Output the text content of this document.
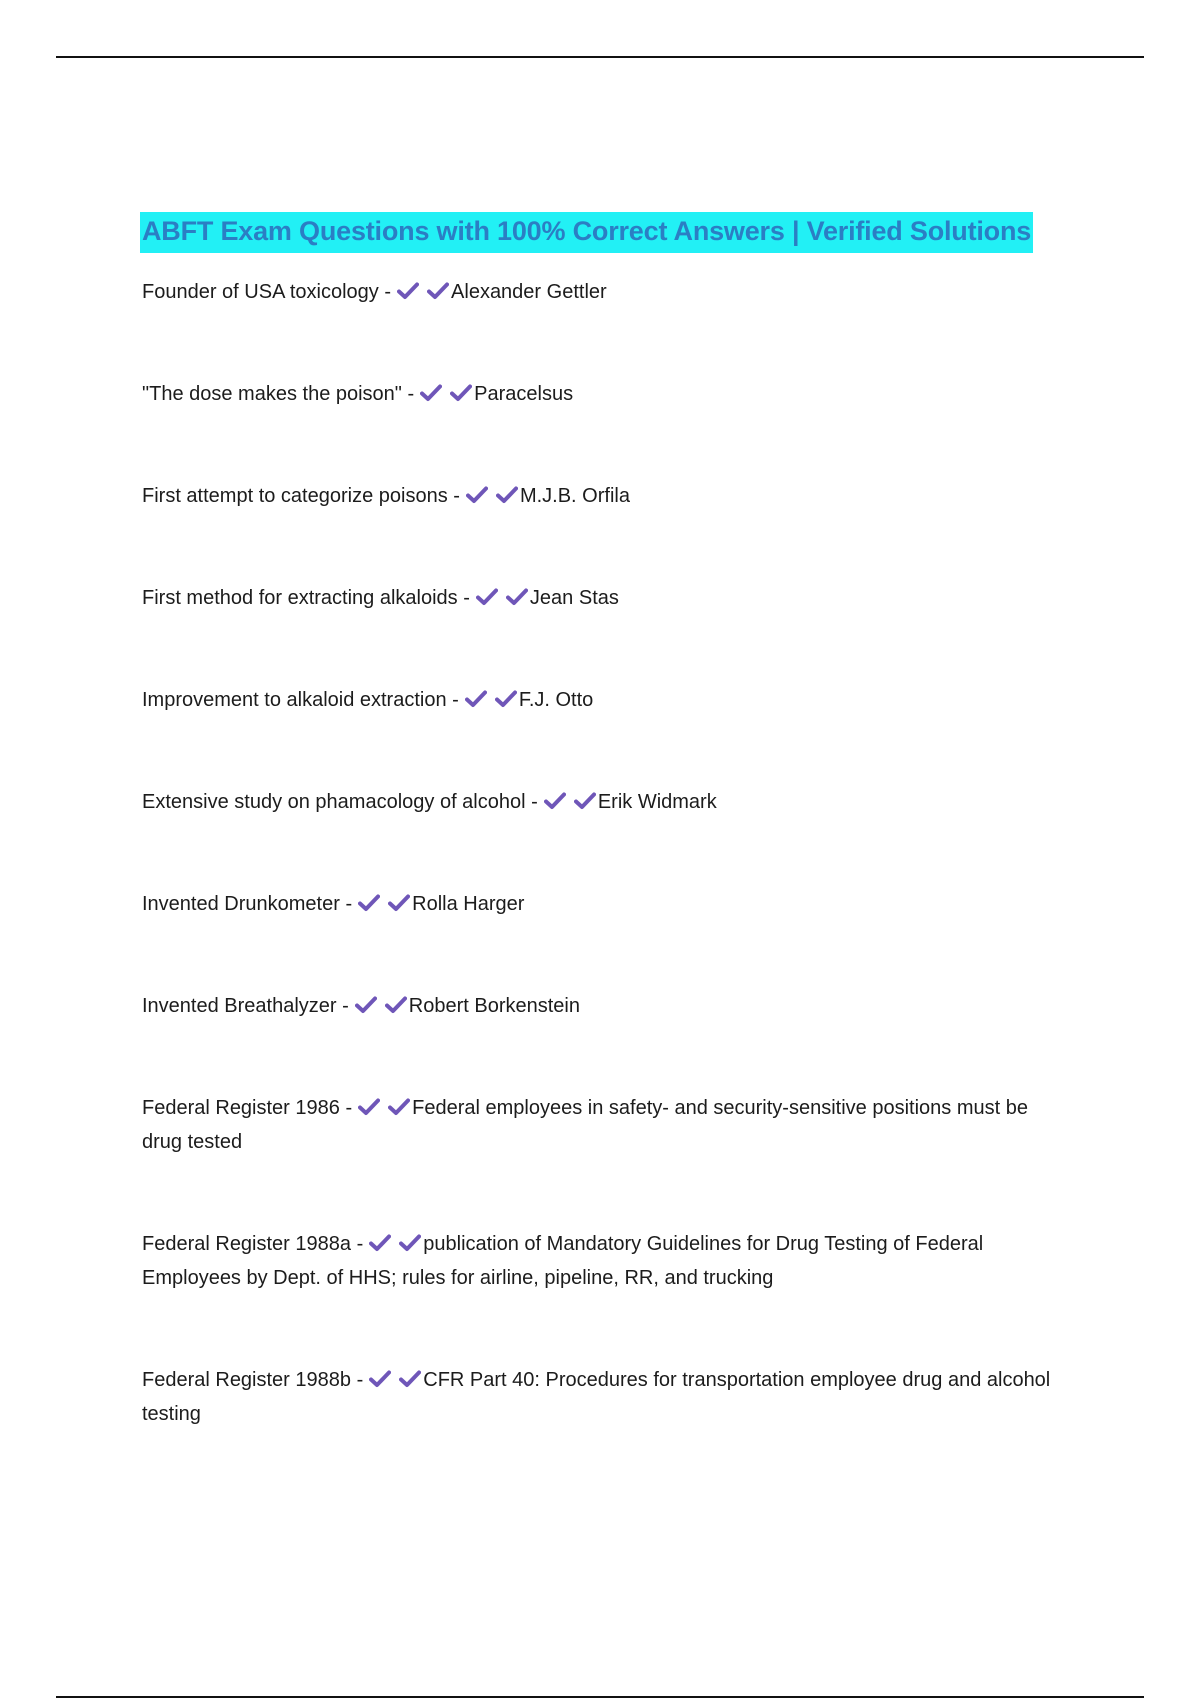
ABFT Exam Questions with 100% Correct Answers | Verified Solutions
Founder of USA toxicology -	Alexander Gettler
"The dose makes the poison" -	Paracelsus
First attempt to categorize poisons -	M.J.B. Orfila
First method for extracting alkaloids -	Jean Stas
Improvement to alkaloid extraction -	F.J. Otto
Extensive study on phamacology of alcohol -	Erik Widmark
Invented Drunkometer -	Rolla Harger
Invented Breathalyzer -	Robert Borkenstein
Federal Register 1986 -	Federal employees in safety- and security-sensitive positions must be drug tested
Federal Register 1988a -	publication of Mandatory Guidelines for Drug Testing of Federal Employees by Dept. of HHS; rules for airline, pipeline, RR, and trucking
Federal Register 1988b -	CFR Part 40: Procedures for transportation employee drug and alcohol testing
